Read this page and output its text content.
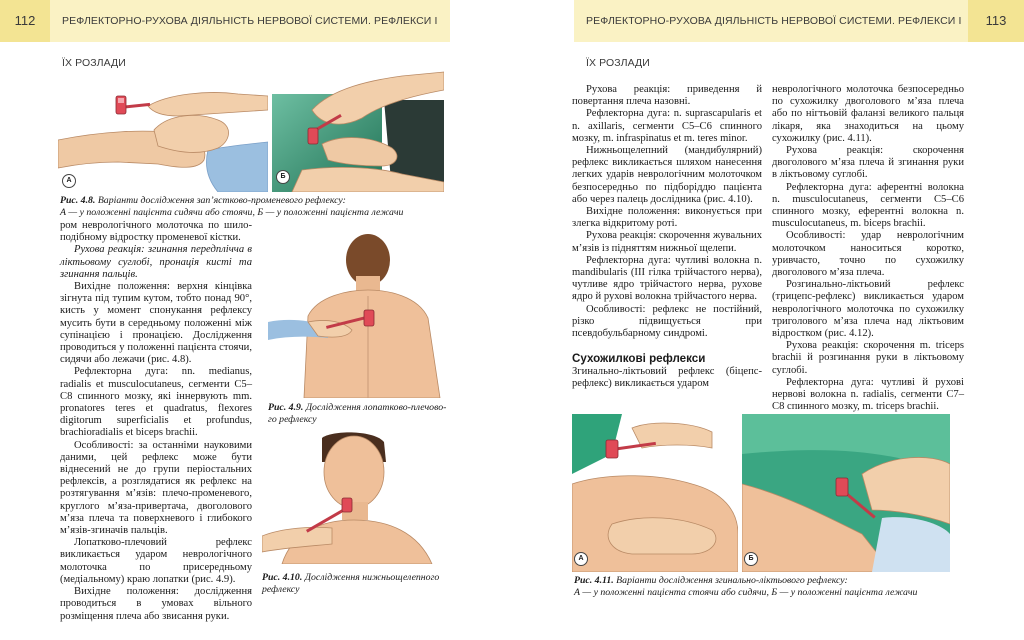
112	РЕФЛЕКТОРНО-РУХОВА ДІЯЛЬНІСТЬ НЕРВОВОЇ СИСТЕМИ. РЕФЛЕКСИ І ЇХ РОЗЛАДИ
РЕФЛЕКТОРНО-РУХОВА ДІЯЛЬНІСТЬ НЕРВОВОЇ СИСТЕМИ. РЕФЛЕКСИ І ЇХ РОЗЛАДИ
113
А
Б
Рис. 4.8. Варіанти дослідження зап’ястково-променевого рефлексу:
А — у положенні пацієнта сидячи або стоячи, Б — у положенні пацієнта лежачи

ром неврологічного молоточка по шило-подібному відростку променевої кістки.

Рухова реакція: згинання передплічча в ліктьовому суглобі, пронація кисті та згинання пальців.

Вихідне положення: верхня кінцівка зігнута під тупим кутом, тобто понад 90°, кисть у момент спонукання рефлексу мусить бути в середньому положенні між супінацією і пронацією. Дослідження проводиться у положенні пацієнта стоячи, сидячи або лежачи (рис. 4.8).

Рефлекторна дуга: nn. medianus, radialis et musculocutaneus, сегменти C5–C8 спинного мозку, які іннервують mm. pronatores teres et quadratus, flexores digitorum superficialis et profundus, brachioradialis et biceps brachii.

Особливості: за останніми науковими даними, цей рефлекс може бути віднесений не до групи періостальних рефлексів, а розглядатися як рефлекс на розтягування м’язів: плечо-променевого, круглого м’яза-привертача, двоголового м’яза плеча та поверхневого і глибокого м’язів-згиначів пальців.

Лопатково-плечовий рефлекс викликається ударом неврологічного молоточка по присередньому (медіальному) краю лопатки (рис. 4.9).

Вихідне положення: дослідження проводиться в умовах вільного розміщення плеча або звисання руки.

Рис. 4.9. Дослідження лопатково-плечово-го рефлексу
Рис. 4.10. Дослідження нижньощелепного рефлексу

Рухова реакція: приведення й повертання плеча назовні.

Рефлекторна дуга: n. suprascapularis et n. axillaris, сегменти C5–C6 спинного мозку, m. infraspinatus et m. teres minor.

Нижньощелепний (мандибулярний) рефлекс викликається шляхом нанесення легких ударів неврологічним молоточком безпосередньо по підборіддю пацієнта або через палець дослідника (рис. 4.10).

Вихідне положення: виконується при злегка відкритому роті.

Рухова реакція: скорочення жувальних м’язів із підняттям нижньої щелепи.

Рефлекторна дуга: чутливі волокна n. mandibularis (ІІІ гілка трійчастого нерва), чутливе ядро трійчастого нерва, рухове ядро й рухові волокна трійчастого нерва.

Особливості: рефлекс не постійний, різко підвищується при псевдобульбарному синдромі.

Сухожилкові рефлекси

Згинально-ліктьовий рефлекс (біцепс-рефлекс) викликається ударом

неврологічного молоточка безпосередньо по сухожилку двоголового м’яза плеча або по нігтьовій фаланзі великого пальця лікаря, яка знаходиться на цьому сухожилку (рис. 4.11).

Рухова реакція: скорочення двоголового м’яза плеча й згинання руки в ліктьовому суглобі.

Рефлекторна дуга: аферентні волокна n. musculocutaneus, сегменти C5–C6 спинного мозку, еферентні волокна n. musculocutaneus, m. biceps brachii.

Особливості: удар неврологічним молоточком наноситься коротко, уривчасто, точно по сухожилку двоголового м’яза плеча.

Розгинально-ліктьовий рефлекс (трицепс-рефлекс) викликається ударом неврологічного молоточка по сухожилку триголового м’яза плеча над ліктьовим відростком (рис. 4.12).

Рухова реакція: скорочення m. triceps brachii й розгинання руки в ліктьовому суглобі.

Рефлекторна дуга: чутливі й рухові нервові волокна n. radialis, сегменти C7–C8 спинного мозку, m. triceps brachii.

А	Б
Рис. 4.11. Варіанти дослідження згинально-ліктьового рефлексу:
А — у положенні пацієнта стоячи або сидячи, Б — у положенні пацієнта лежачи
